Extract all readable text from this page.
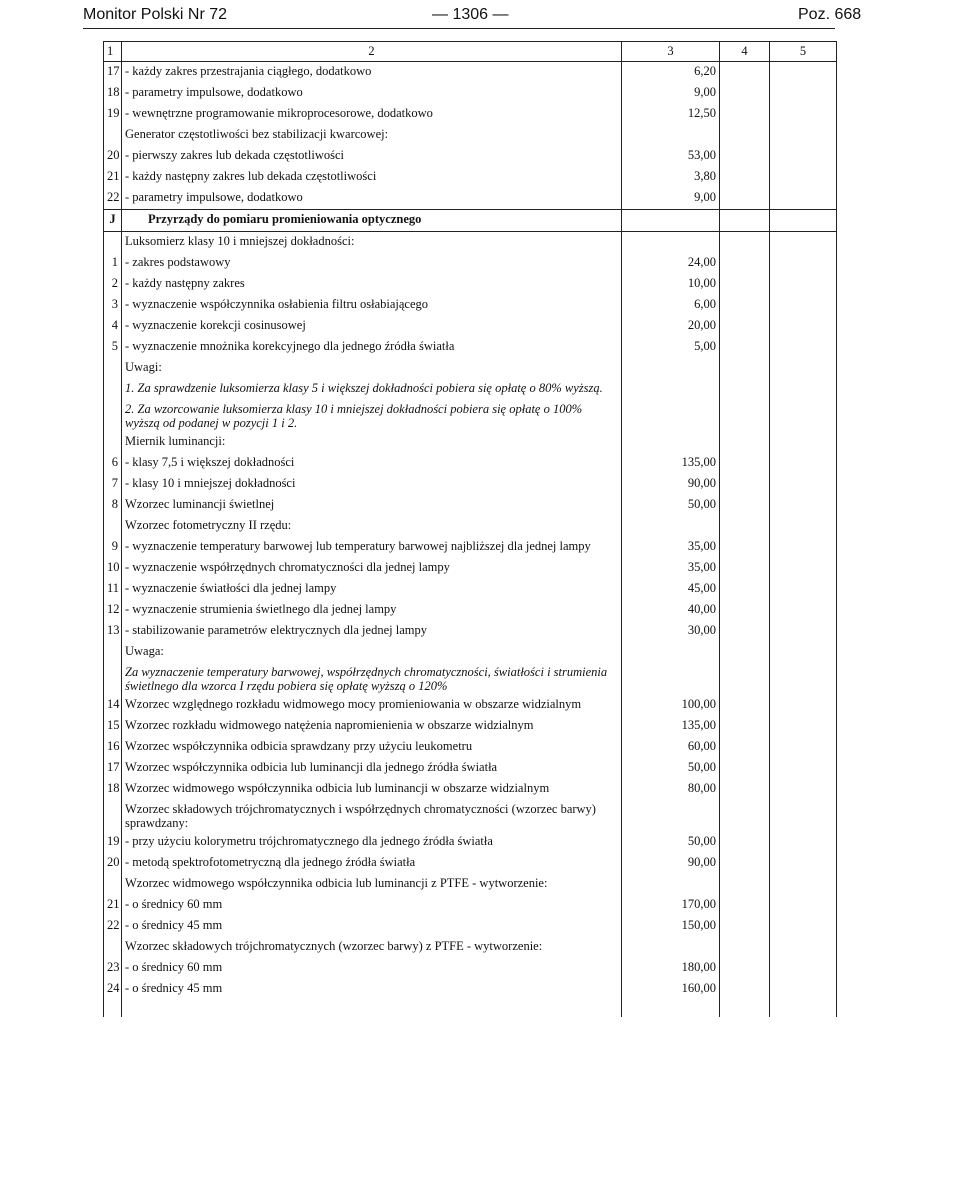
Monitor Polski Nr 72	— 1306 —	Poz. 668
1	2	3	4	5
17	- każdy zakres przestrajania ciągłego, dodatkowo	6,20		
18	- parametry impulsowe, dodatkowo	9,00		
19	- wewnętrzne programowanie mikroprocesorowe, dodatkowo	12,50		
	Generator częstotliwości bez stabilizacji kwarcowej:			
20	- pierwszy zakres lub dekada częstotliwości	53,00		
21	- każdy następny zakres lub dekada częstotliwości	3,80		
22	- parametry impulsowe, dodatkowo	9,00		
J	Przyrządy do pomiaru promieniowania optycznego			
	Luksomierz klasy 10 i mniejszej dokładności:			
1	- zakres podstawowy	24,00		
2	- każdy następny zakres	10,00		
3	- wyznaczenie współczynnika osłabienia filtru osłabiającego	6,00		
4	- wyznaczenie korekcji cosinusowej	20,00		
5	- wyznaczenie mnożnika korekcyjnego dla jednego źródła światła	5,00		
	Uwagi:			
	1. Za sprawdzenie luksomierza klasy 5 i większej dokładności pobiera się opłatę o 80% wyższą.			
	2. Za wzorcowanie luksomierza klasy 10 i mniejszej dokładności pobiera się opłatę o 100% wyższą od podanej w pozycji 1 i 2.			
	Miernik luminancji:			
6	- klasy 7,5 i większej dokładności	135,00		
7	- klasy 10 i mniejszej dokładności	90,00		
8	Wzorzec luminancji świetlnej	50,00		
	Wzorzec fotometryczny II rzędu:			
9	- wyznaczenie temperatury barwowej lub temperatury barwowej najbliższej dla jednej lampy	35,00		
10	- wyznaczenie współrzędnych chromatyczności dla jednej lampy	35,00		
11	- wyznaczenie światłości dla jednej lampy	45,00		
12	- wyznaczenie strumienia świetlnego dla jednej lampy	40,00		
13	- stabilizowanie parametrów elektrycznych dla jednej lampy	30,00		
	Uwaga:			
	Za wyznaczenie temperatury barwowej, współrzędnych chromatyczności, światłości i strumienia świetlnego dla wzorca I rzędu pobiera się opłatę wyższą o 120%			
14	Wzorzec względnego rozkładu widmowego mocy promieniowania w obszarze widzialnym	100,00		
15	Wzorzec rozkładu widmowego natężenia napromienienia w obszarze widzialnym	135,00		
16	Wzorzec współczynnika odbicia sprawdzany przy użyciu leukometru	60,00		
17	Wzorzec współczynnika odbicia lub luminancji dla jednego źródła światła	50,00		
18	Wzorzec widmowego współczynnika odbicia lub luminancji w obszarze widzialnym	80,00		
	Wzorzec składowych trójchromatycznych i współrzędnych chromatyczności (wzorzec barwy) sprawdzany:			
19	- przy użyciu kolorymetru trójchromatycznego dla jednego źródła światła	50,00		
20	- metodą spektrofotometryczną dla jednego źródła światła	90,00		
	Wzorzec widmowego współczynnika odbicia lub luminancji z PTFE - wytworzenie:			
21	- o średnicy 60 mm	170,00		
22	- o średnicy 45 mm	150,00		
	Wzorzec składowych trójchromatycznych (wzorzec barwy) z PTFE - wytworzenie:			
23	- o średnicy 60 mm	180,00		
24	- o średnicy 45 mm	160,00		
